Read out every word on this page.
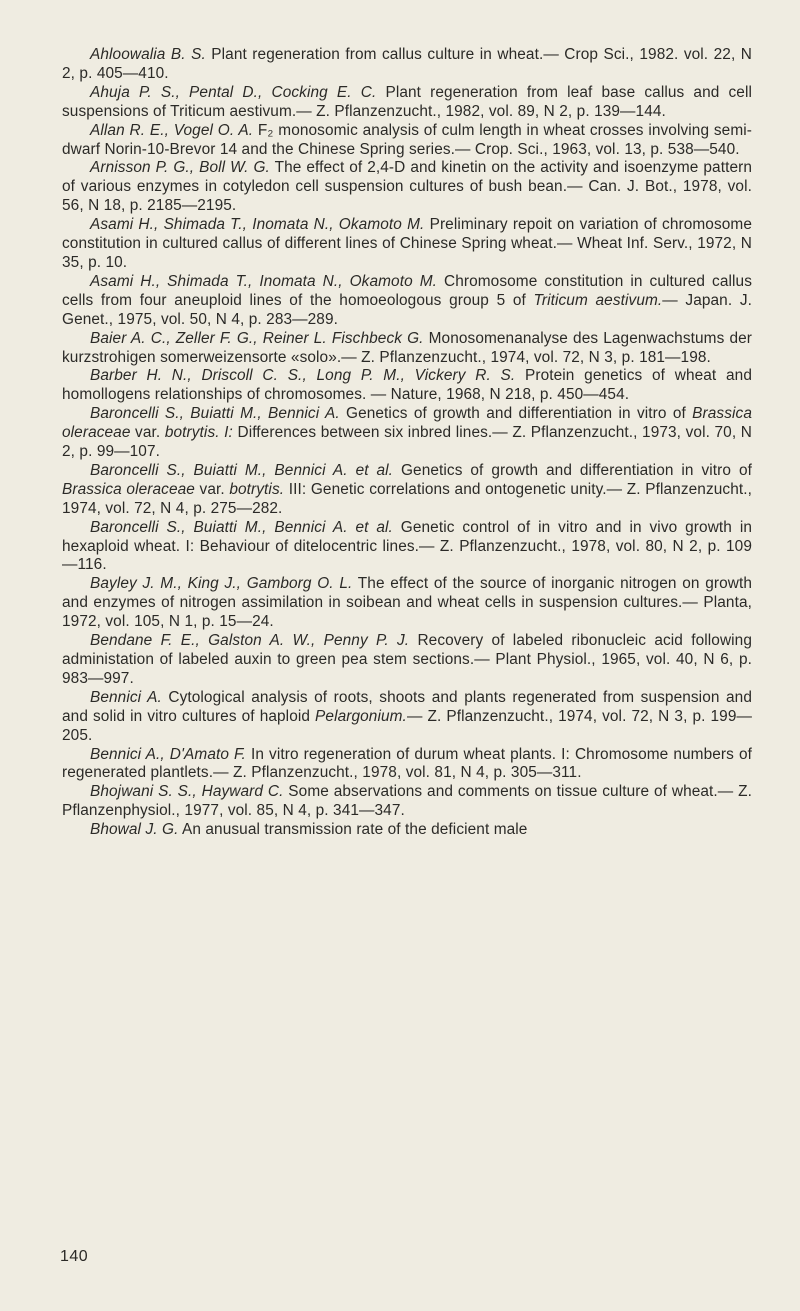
Ahloowalia B. S. Plant regeneration from callus culture in wheat.— Crop Sci., 1982. vol. 22, N 2, p. 405—410.

Ahuja P. S., Pental D., Cocking E. C. Plant regeneration from leaf base callus and cell suspensions of Triticum aestivum.— Z. Pflanzenzucht., 1982, vol. 89, N 2, p. 139—144.

Allan R. E., Vogel O. A. F₂ monosomic analysis of culm length in wheat crosses involving semi-dwarf Norin-10-Brevor 14 and the Chinese Spring series.— Crop. Sci., 1963, vol. 13, p. 538—540.

Arnisson P. G., Boll W. G. The effect of 2,4-D and kinetin on the activity and isoenzyme pattern of various enzymes in cotyledon cell suspension cultures of bush bean.— Can. J. Bot., 1978, vol. 56, N 18, p. 2185—2195.

Asami H., Shimada T., Inomata N., Okamoto M. Preliminary repoit on variation of chromosome constitution in cultured callus of different lines of Chinese Spring wheat.— Wheat Inf. Serv., 1972, N 35, p. 10.

Asami H., Shimada T., Inomata N., Okamoto M. Chromosome constitution in cultured callus cells from four aneuploid lines of the homoeologous group 5 of Triticum aestivum.— Japan. J. Genet., 1975, vol. 50, N 4, p. 283—289.

Baier A. C., Zeller F. G., Reiner L. Fischbeck G. Monosomenanalyse des Lagenwachstums der kurzstrohigen somerweizensorte «solo».— Z. Pflanzenzucht., 1974, vol. 72, N 3, p. 181—198.

Barber H. N., Driscoll C. S., Long P. M., Vickery R. S. Protein genetics of wheat and homollogens relationships of chromosomes. — Nature, 1968, N 218, p. 450—454.

Baroncelli S., Buiatti M., Bennici A. Genetics of growth and differentiation in vitro of Brassica oleraceae var. botrytis. I: Differences between six inbred lines.— Z. Pflanzenzucht., 1973, vol. 70, N 2, p. 99—107.

Baroncelli S., Buiatti M., Bennici A. et al. Genetics of growth and differentiation in vitro of Brassica oleraceae var. botrytis. III: Genetic correlations and ontogenetic unity.— Z. Pflanzenzucht., 1974, vol. 72, N 4, p. 275—282.

Baroncelli S., Buiatti M., Bennici A. et al. Genetic control of in vitro and in vivo growth in hexaploid wheat. I: Behaviour of ditelocentric lines.— Z. Pflanzenzucht., 1978, vol. 80, N 2, p. 109—116.

Bayley J. M., King J., Gamborg O. L. The effect of the source of inorganic nitrogen on growth and enzymes of nitrogen assimilation in soibean and wheat cells in suspension cultures.— Planta, 1972, vol. 105, N 1, p. 15—24.

Bendane F. E., Galston A. W., Penny P. J. Recovery of labeled ribonucleic acid following administation of labeled auxin to green pea stem sections.— Plant Physiol., 1965, vol. 40, N 6, p. 983—997.

Bennici A. Cytological analysis of roots, shoots and plants regenerated from suspension and and solid in vitro cultures of haploid Pelargonium.— Z. Pflanzenzucht., 1974, vol. 72, N 3, p. 199—205.

Bennici A., D'Amato F. In vitro regeneration of durum wheat plants. I: Chromosome numbers of regenerated plantlets.— Z. Pflanzenzucht., 1978, vol. 81, N 4, p. 305—311.

Bhojwani S. S., Hayward C. Some abservations and comments on tissue culture of wheat.— Z. Pflanzenphysiol., 1977, vol. 85, N 4, p. 341—347.

Bhowal J. G. An anusual transmission rate of the deficient male

140
